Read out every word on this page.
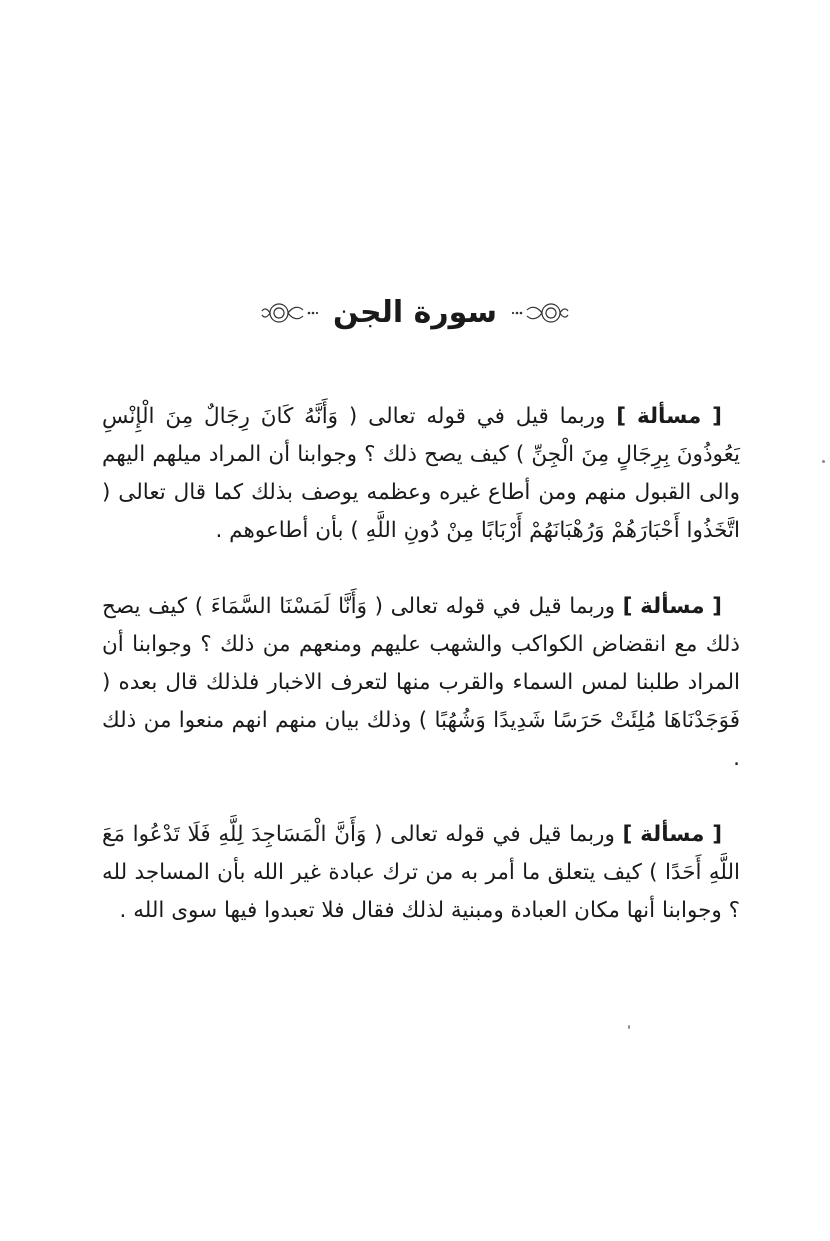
سورة الجن

[ مسألة ] وربما قيل في قوله تعالى ( وَأَنَّهُ كَانَ رِجَالٌ مِنَ الْإِنْسِ يَعُوذُونَ بِرِجَالٍ مِنَ الْجِنِّ ) كيف يصح ذلك ؟ وجوابنا أن المراد ميلهم اليهم والى القبول منهم ومن أطاع غيره وعظمه يوصف بذلك كما قال تعالى ( اتَّخَذُوا أَحْبَارَهُمْ وَرُهْبَانَهُمْ أَرْبَابًا مِنْ دُونِ اللَّهِ ) بأن أطاعوهم .

[ مسألة ] وربما قيل في قوله تعالى ( وَأَنَّا لَمَسْنَا السَّمَاءَ ) كيف يصح ذلك مع انقضاض الكواكب والشهب عليهم ومنعهم من ذلك ؟ وجوابنا أن المراد طلبنا لمس السماء والقرب منها لتعرف الاخبار فلذلك قال بعده ( فَوَجَدْنَاهَا مُلِئَتْ حَرَسًا شَدِيدًا وَشُهُبًا ) وذلك بيان منهم انهم منعوا من ذلك .

[ مسألة ] وربما قيل في قوله تعالى ( وَأَنَّ الْمَسَاجِدَ لِلَّهِ فَلَا تَدْعُوا مَعَ اللَّهِ أَحَدًا ) كيف يتعلق ما أمر به من ترك عبادة غير الله بأن المساجد لله ؟ وجوابنا أنها مكان العبادة ومبنية لذلك فقال فلا تعبدوا فيها سوى الله .
